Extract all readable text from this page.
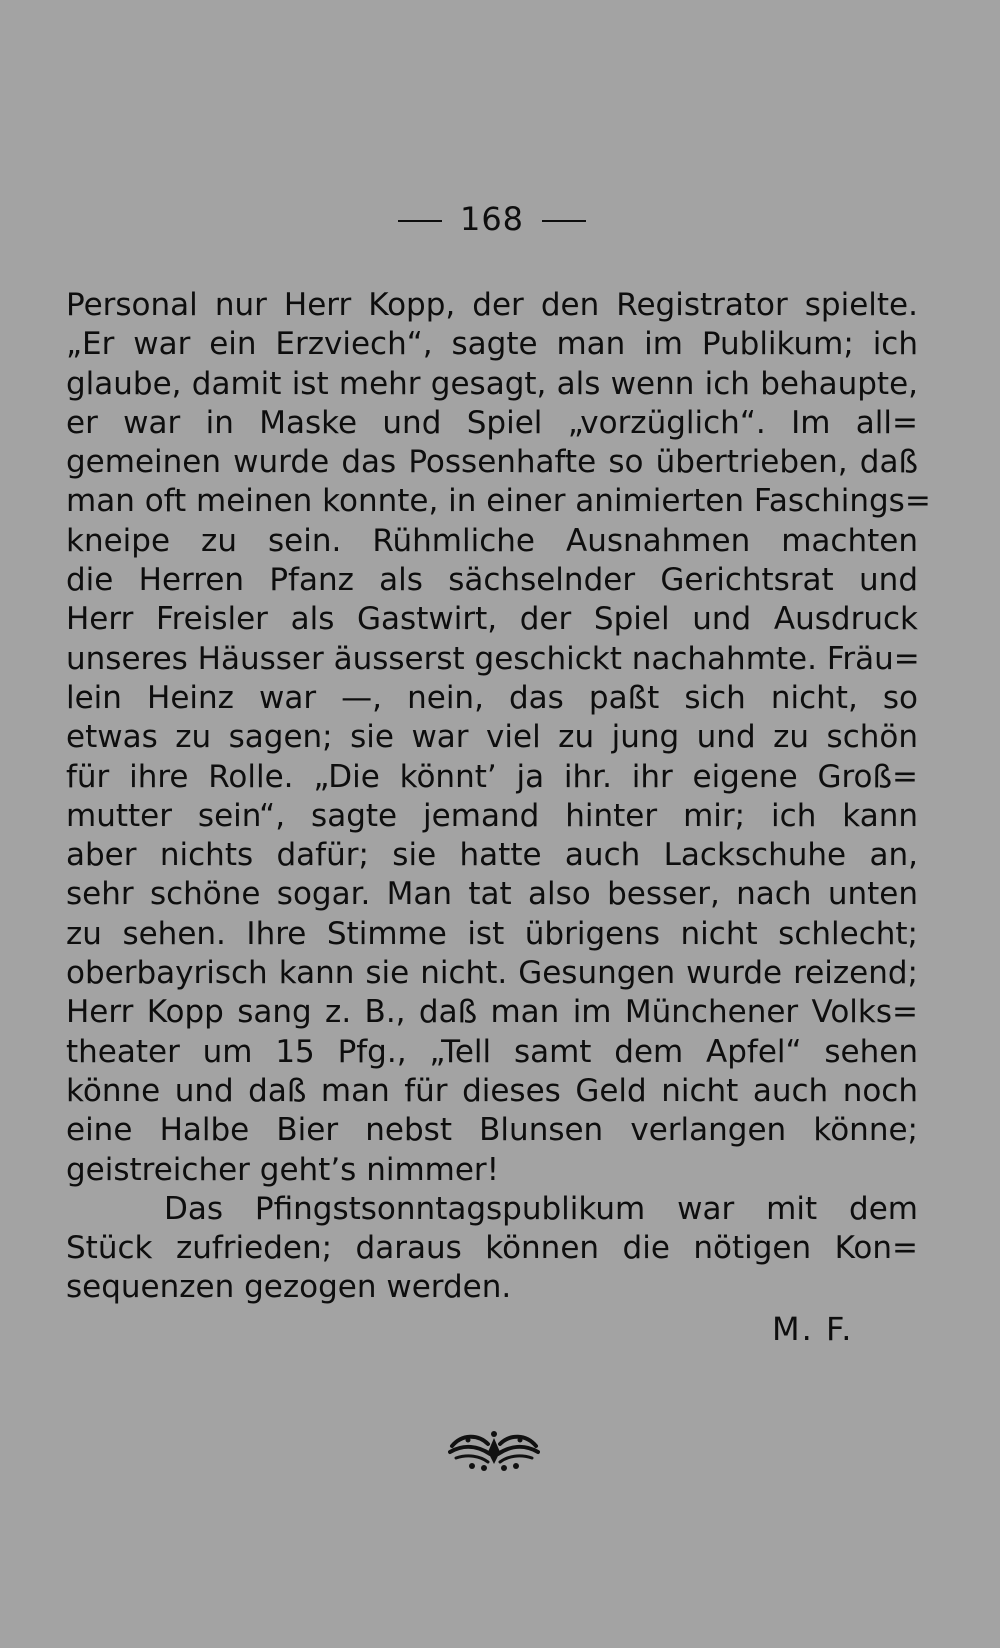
168
Personal nur Herr Kopp, der den Registrator spielte.
„Er war ein Erzviech“, sagte man im Publikum; ich
glaube, damit ist mehr gesagt, als wenn ich behaupte,
er war in Maske und Spiel „vorzüglich“. Im all=
gemeinen wurde das Possenhafte so übertrieben, daß
man oft meinen konnte, in einer animierten Faschings=
kneipe zu sein. Rühmliche Ausnahmen machten
die Herren Pfanz als sächselnder Gerichtsrat und
Herr Freisler als Gastwirt, der Spiel und Ausdruck
unseres Häusser äusserst geschickt nachahmte. Fräu=
lein Heinz war —, nein, das paßt sich nicht, so
etwas zu sagen; sie war viel zu jung und zu schön
für ihre Rolle. „Die könnt’ ja ihr. ihr eigene Groß=
mutter sein“, sagte jemand hinter mir; ich kann
aber nichts dafür; sie hatte auch Lackschuhe an,
sehr schöne sogar. Man tat also besser, nach unten
zu sehen. Ihre Stimme ist übrigens nicht schlecht;
oberbayrisch kann sie nicht. Gesungen wurde reizend;
Herr Kopp sang z. B., daß man im Münchener Volks=
theater um 15 Pfg., „Tell samt dem Apfel“ sehen
könne und daß man für dieses Geld nicht auch noch
eine Halbe Bier nebst Blunsen verlangen könne;
geistreicher geht’s nimmer!
Das Pfingstsonntagspublikum war mit dem
Stück zufrieden; daraus können die nötigen Kon=
sequenzen gezogen werden.
M. F.
